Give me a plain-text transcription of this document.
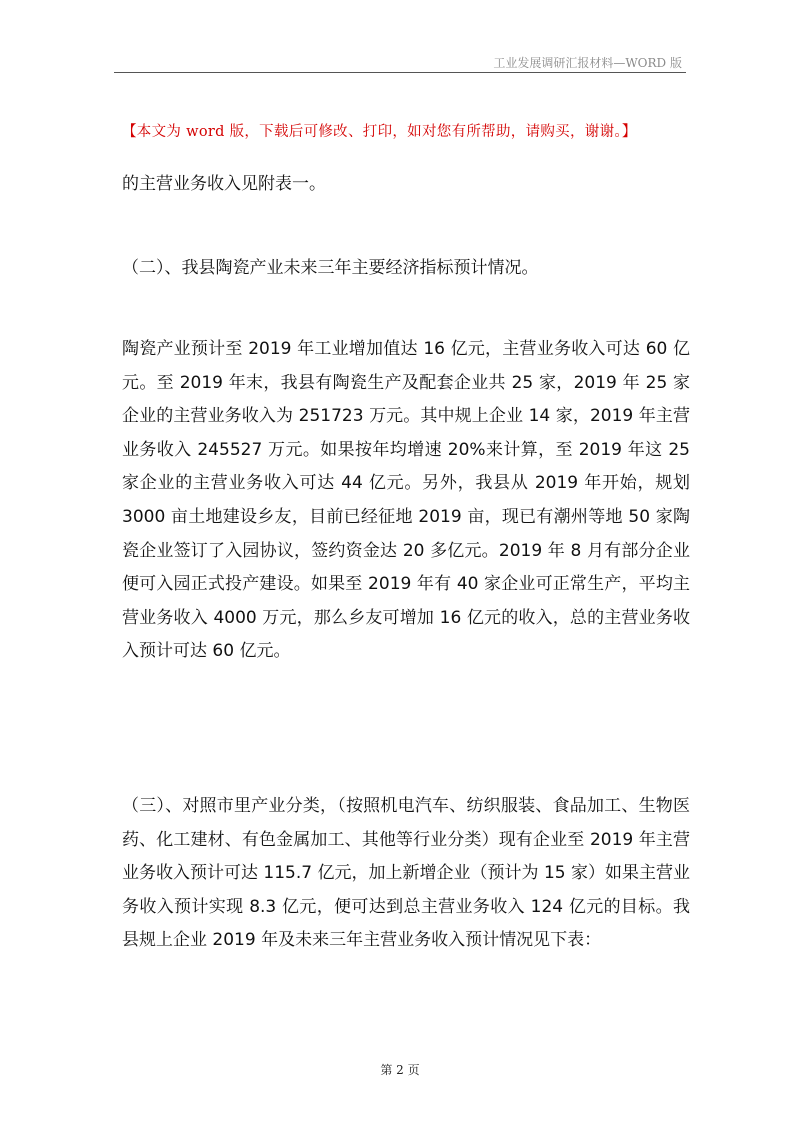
工业发展调研汇报材料—WORD 版
【本文为 word 版，下载后可修改、打印，如对您有所帮助，请购买，谢谢。】
的主营业务收入见附表一。
（二）、我县陶瓷产业未来三年主要经济指标预计情况。
陶瓷产业预计至 2019 年工业增加值达 16 亿元，主营业务收入可达 60 亿元。至 2019 年末，我县有陶瓷生产及配套企业共 25 家，2019 年 25 家企业的主营业务收入为 251723 万元。其中规上企业 14 家，2019 年主营业务收入 245527 万元。如果按年均增速 20%来计算，至 2019 年这 25 家企业的主营业务收入可达 44 亿元。另外，我县从 2019 年开始，规划 3000 亩土地建设乡友，目前已经征地 2019 亩，现已有潮州等地 50 家陶瓷企业签订了入园协议，签约资金达 20 多亿元。2019 年 8 月有部分企业便可入园正式投产建设。如果至 2019 年有 40 家企业可正常生产，平均主营业务收入 4000 万元，那么乡友可增加 16 亿元的收入，总的主营业务收入预计可达 60 亿元。
（三）、对照市里产业分类，（按照机电汽车、纺织服装、食品加工、生物医药、化工建材、有色金属加工、其他等行业分类）现有企业至 2019 年主营业务收入预计可达 115.7 亿元，加上新增企业（预计为 15 家）如果主营业务收入预计实现 8.3 亿元，便可达到总主营业务收入 124 亿元的目标。我县规上企业 2019 年及未来三年主营业务收入预计情况见下表：
第 2 页
